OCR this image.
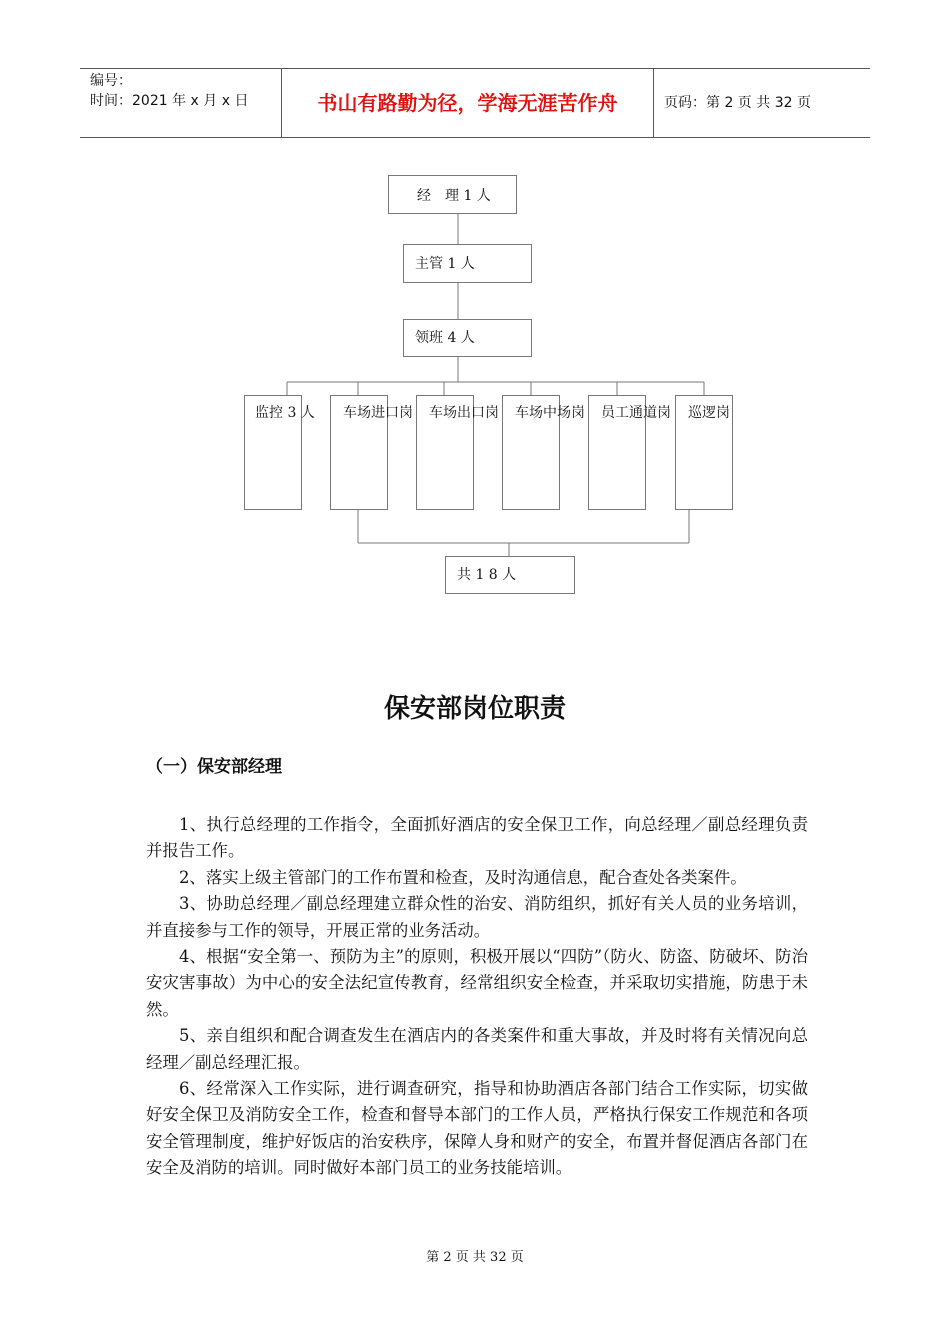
编号：
时间：2021 年 x 月 x 日	书山有路勤为径，学海无涯苦作舟	页码：第 2 页 共 32 页
经　理 1 人
主管 1 人
领班 4 人
监控 3 人 车场进口岗 车场出口岗 车场中场岗 员工通道岗 巡逻岗
共 1 8 人
保安部岗位职责
（一）保安部经理

1、执行总经理的工作指令，全面抓好酒店的安全保卫工作，向总经理／副总经理负责并报告工作。

2、落实上级主管部门的工作布置和检查，及时沟通信息，配合查处各类案件。

3、协助总经理／副总经理建立群众性的治安、消防组织，抓好有关人员的业务培训，并直接参与工作的领导，开展正常的业务活动。

4、根据“安全第一、预防为主”的原则，积极开展以“四防”（防火、防盗、防破坏、防治安灾害事故）为中心的安全法纪宣传教育，经常组织安全检查，并采取切实措施，防患于未然。

5、亲自组织和配合调查发生在酒店内的各类案件和重大事故，并及时将有关情况向总经理／副总经理汇报。

6、经常深入工作实际，进行调查研究，指导和协助酒店各部门结合工作实际，切实做好安全保卫及消防安全工作，检查和督导本部门的工作人员，严格执行保安工作规范和各项安全管理制度，维护好饭店的治安秩序，保障人身和财产的安全，布置并督促酒店各部门在安全及消防的培训。同时做好本部门员工的业务技能培训。

第 2 页 共 32 页
